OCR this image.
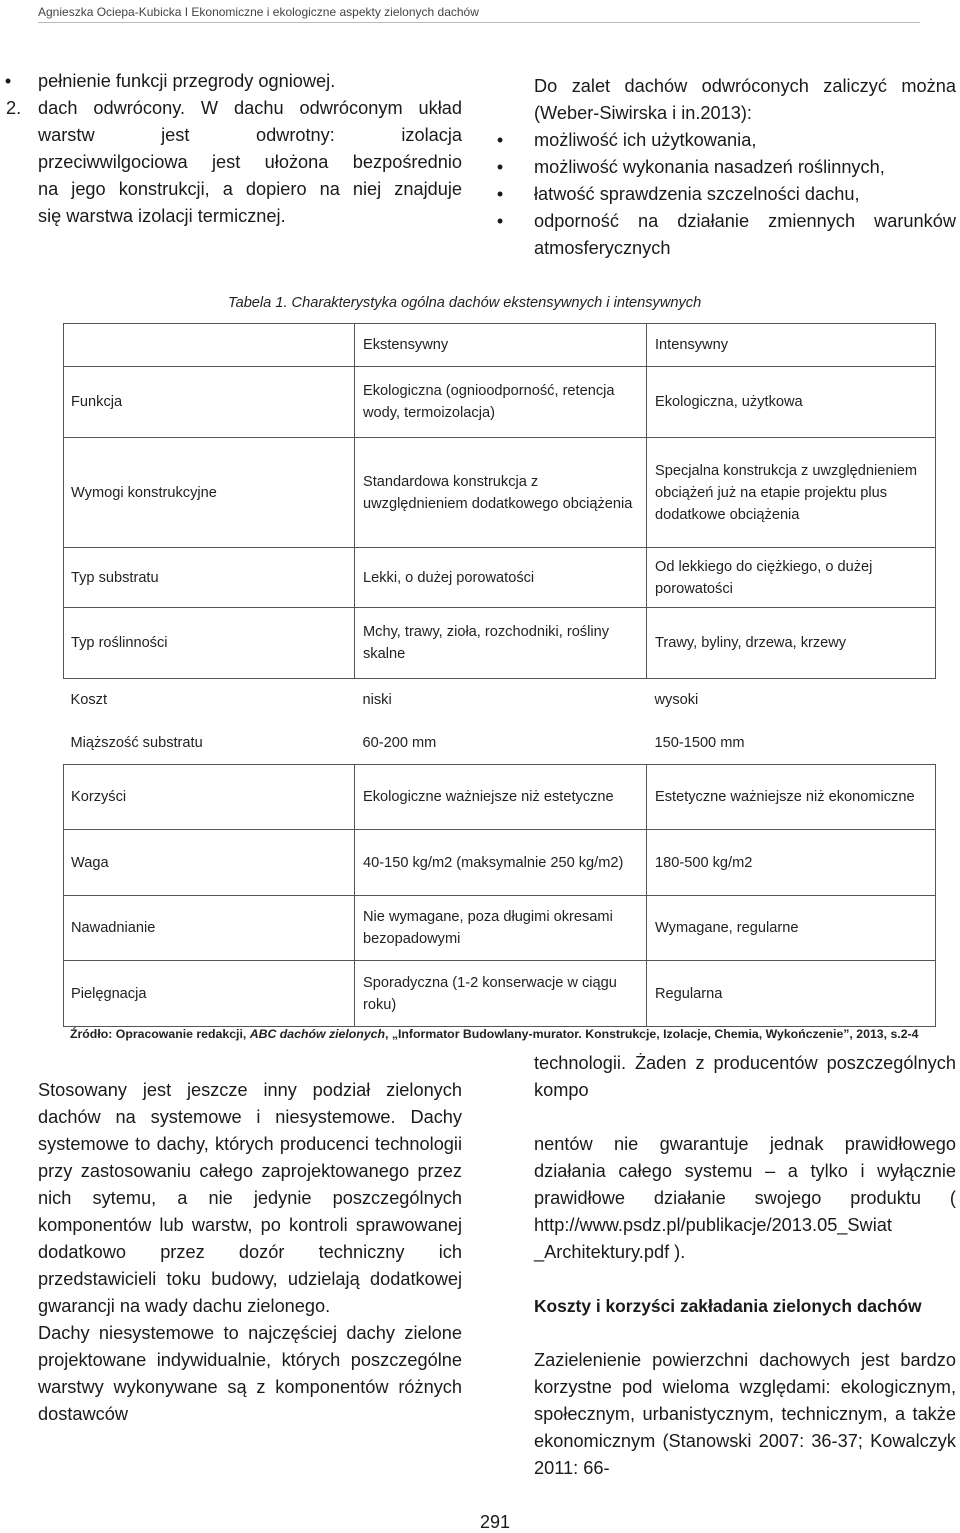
Agnieszka Ociepa-Kubicka I Ekonomiczne i ekologiczne aspekty zielonych dachów
• pełnienie funkcji przegrody ogniowej.
2. dach odwrócony. W dachu odwróconym układ
warstw jest odwrotny: izolacja
przeciwwilgociowa jest ułożona bezpośrednio
na jego konstrukcji, a dopiero na niej znajduje
się warstwa izolacji termicznej.
Do zalet dachów odwróconych zaliczyć można
(Weber-Siwirska i in.2013):
• możliwość ich użytkowania,
• możliwość wykonania nasadzeń roślinnych,
• łatwość sprawdzenia szczelności dachu,
• odporność na działanie zmiennych warunków
atmosferycznych
Tabela 1. Charakterystyka ogólna dachów ekstensywnych i intensywnych
	Ekstensywny	Intensywny
Funkcja	Ekologiczna (ognioodporność, retencja wody, termoizolacja)	Ekologiczna, użytkowa
Wymogi konstrukcyjne	Standardowa konstrukcja z uwzględnieniem dodatkowego obciążenia	Specjalna konstrukcja z uwzględnieniem obciążeń już na etapie projektu plus dodatkowe obciążenia
Typ substratu	Lekki, o dużej porowatości	Od lekkiego do ciężkiego, o dużej porowatości
Typ roślinności	Mchy, trawy, zioła, rozchodniki, rośliny skalne	Trawy, byliny, drzewa, krzewy
Koszt	niski	wysoki
Miąższość substratu	60-200 mm	150-1500 mm
Korzyści	Ekologiczne ważniejsze niż estetyczne	Estetyczne ważniejsze niż ekonomiczne
Waga	40-150 kg/m2 (maksymalnie 250 kg/m2)	180-500 kg/m2
Nawadnianie	Nie wymagane, poza długimi okresami bezopadowymi	Wymagane, regularne
Pielęgnacja	Sporadyczna (1-2 konserwacje w ciągu roku)	Regularna
Źródło: Opracowanie redakcji, ABC dachów zielonych, „Informator Budowlany-murator. Konstrukcje, Izolacje, Chemia, Wykończenie”, 2013, s.2-4
Stosowany jest jeszcze inny podział zielonych dachów na systemowe i niesystemowe. Dachy systemowe to dachy, których producenci technologii przy zastosowaniu całego zaprojektowanego przez nich sytemu, a nie jedynie poszczególnych komponentów lub warstw, po kontroli sprawowanej dodatkowo przez dozór techniczny ich przedstawicieli toku budowy, udzielają dodatkowej gwarancji na wady dachu zielonego.
Dachy niesystemowe to najczęściej dachy zielone projektowane indywidualnie, których poszczególne warstwy wykonywane są z komponentów różnych dostawców
technologii. Żaden z producentów poszczególnych kompo
nentów nie gwarantuje jednak prawidłowego działania całego systemu – a tylko i wyłącznie prawidłowe działanie swojego produktu ( http://www.psdz.pl/publikacje/2013.05_Swiat _Architektury.pdf ).
Koszty i korzyści zakładania zielonych dachów
Zazielenienie powierzchni dachowych jest bardzo korzystne pod wieloma względami: ekologicznym, społecznym, urbanistycznym, technicznym, a także ekonomicznym (Stanowski 2007: 36-37; Kowalczyk 2011: 66-
291
